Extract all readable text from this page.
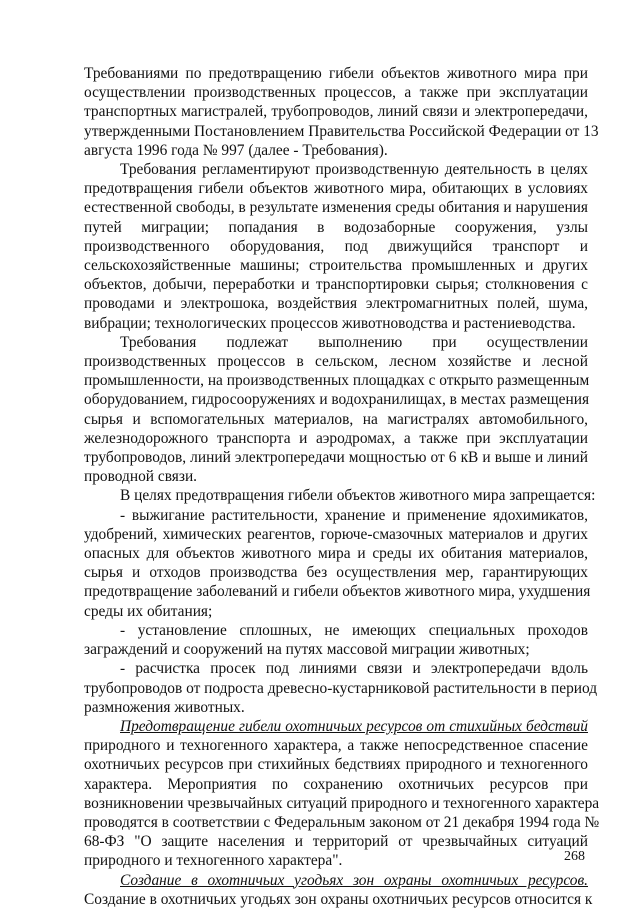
Требованиями по предотвращению гибели объектов животного мира при
осуществлении производственных процессов, а также при эксплуатации
транспортных магистралей, трубопроводов, линий связи и электропередачи,
утвержденными Постановлением Правительства Российской Федерации от 13
августа 1996 года № 997 (далее - Требования).

Требования регламентируют производственную деятельность в целях
предотвращения гибели объектов животного мира, обитающих в условиях
естественной свободы, в результате изменения среды обитания и нарушения
путей миграции; попадания в водозаборные сооружения, узлы
производственного оборудования, под движущийся транспорт и
сельскохозяйственные машины; строительства промышленных и других
объектов, добычи, переработки и транспортировки сырья; столкновения с
проводами и электрошока, воздействия электромагнитных полей, шума,
вибрации; технологических процессов животноводства и растениеводства.

Требования подлежат выполнению при осуществлении
производственных процессов в сельском, лесном хозяйстве и лесной
промышленности, на производственных площадках с открыто размещенным
оборудованием, гидросооружениях и водохранилищах, в местах размещения
сырья и вспомогательных материалов, на магистралях автомобильного,
железнодорожного транспорта и аэродромах, а также при эксплуатации
трубопроводов, линий электропередачи мощностью от 6 кВ и выше и линий
проводной связи.

В целях предотвращения гибели объектов животного мира запрещается:

- выжигание растительности, хранение и применение ядохимикатов,
удобрений, химических реагентов, горюче-смазочных материалов и других
опасных для объектов животного мира и среды их обитания материалов,
сырья и отходов производства без осуществления мер, гарантирующих
предотвращение заболеваний и гибели объектов животного мира, ухудшения
среды их обитания;

- установление сплошных, не имеющих специальных проходов
заграждений и сооружений на путях массовой миграции животных;

- расчистка просек под линиями связи и электропередачи вдоль
трубопроводов от подроста древесно-кустарниковой растительности в период
размножения животных.

Предотвращение гибели охотничьих ресурсов от стихийных бедствий
природного и техногенного характера, а также непосредственное спасение
охотничьих ресурсов при стихийных бедствиях природного и техногенного
характера. Мероприятия по сохранению охотничьих ресурсов при
возникновении чрезвычайных ситуаций природного и техногенного характера
проводятся в соответствии с Федеральным законом от 21 декабря 1994 года №
68-ФЗ "О защите населения и территорий от чрезвычайных ситуаций
природного и техногенного характера".

Создание в охотничьих угодьях зон охраны охотничьих ресурсов.
Создание в охотничьих угодьях зон охраны охотничьих ресурсов относится к

268
